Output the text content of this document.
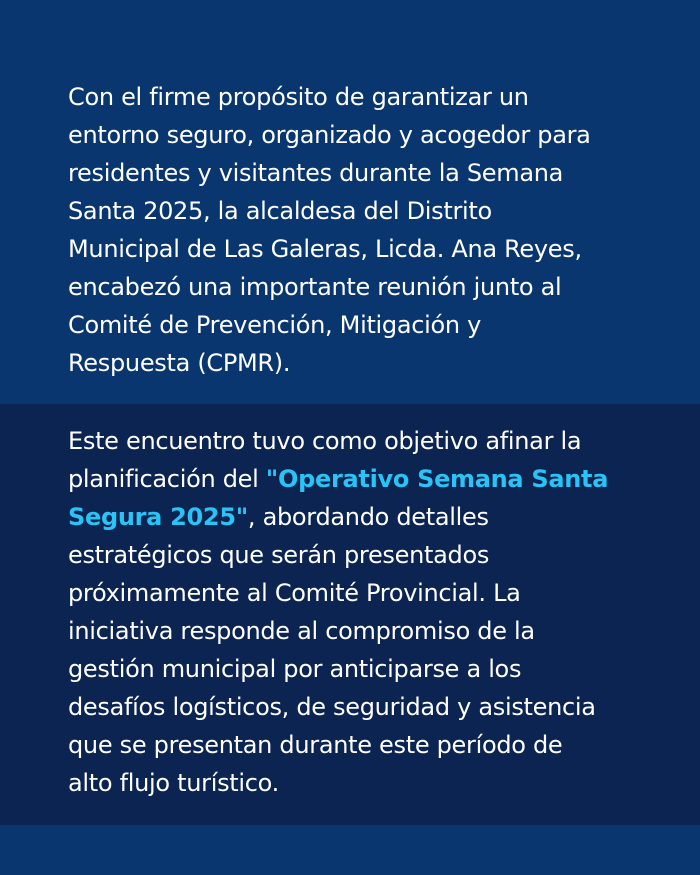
Con el firme propósito de garantizar un
entorno seguro, organizado y acogedor para
residentes y visitantes durante la Semana
Santa 2025, la alcaldesa del Distrito
Municipal de Las Galeras, Licda. Ana Reyes,
encabezó una importante reunión junto al
Comité de Prevención, Mitigación y
Respuesta (CPMR).

Este encuentro tuvo como objetivo afinar la
planificación del "Operativo Semana Santa
Segura 2025", abordando detalles
estratégicos que serán presentados
próximamente al Comité Provincial. La
iniciativa responde al compromiso de la
gestión municipal por anticiparse a los
desafíos logísticos, de seguridad y asistencia
que se presentan durante este período de
alto flujo turístico.
